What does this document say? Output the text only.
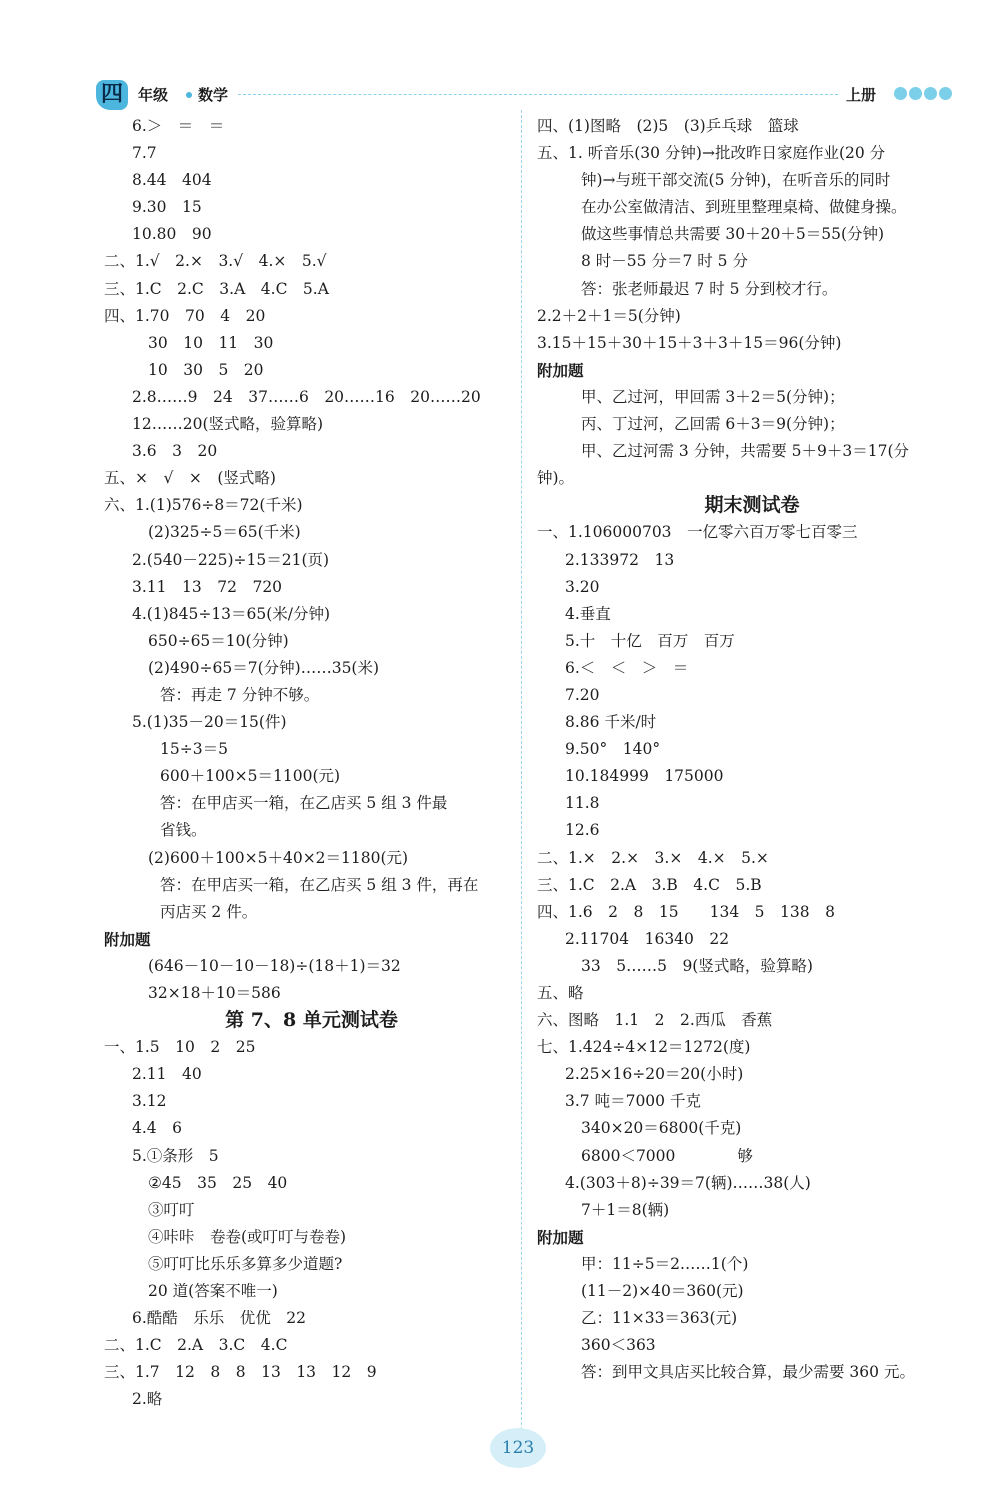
四	年级 数学	上册
6.＞　＝　＝
7.7
8.44　404
9.30　15
10.80　90
二、1.√　2.×　3.√　4.×　5.√
三、1.C　2.C　3.A　4.C　5.A
四、1.70　70　4　20
30　10　11　30
10　30　5　20
2.8……9　24　37……6　20……16　20……20
12……20(竖式略，验算略)
3.6　3　20
五、×　√　×　(竖式略)
六、1.(1)576÷8＝72(千米)
(2)325÷5＝65(千米)
2.(540－225)÷15＝21(页)
3.11　13　72　720
4.(1)845÷13＝65(米/分钟)
650÷65＝10(分钟)
(2)490÷65＝7(分钟)……35(米)
答：再走 7 分钟不够。
5.(1)35－20＝15(件)
15÷3＝5
600＋100×5＝1100(元)
答：在甲店买一箱，在乙店买 5 组 3 件最
省钱。
(2)600＋100×5＋40×2＝1180(元)
答：在甲店买一箱，在乙店买 5 组 3 件，再在
丙店买 2 件。
附加题
(646－10－10－18)÷(18＋1)＝32
32×18＋10＝586
第 7、8 单元测试卷
一、1.5　10　2　25
2.11　40
3.12
4.4　6
5.①条形　5
②45　35　25　40
③叮叮
④咔咔　卷卷(或叮叮与卷卷)
⑤叮叮比乐乐多算多少道题?
20 道(答案不唯一)
6.酷酷　乐乐　优优　22
二、1.C　2.A　3.C　4.C
三、1.7　12　8　8　13　13　12　9
2.略
四、(1)图略　(2)5　(3)乒乓球　篮球
五、1. 听音乐(30 分钟)→批改昨日家庭作业(20 分
钟)→与班干部交流(5 分钟)，在听音乐的同时
在办公室做清洁、到班里整理桌椅、做健身操。
做这些事情总共需要 30＋20＋5＝55(分钟)
8 时－55 分＝7 时 5 分
答：张老师最迟 7 时 5 分到校才行。
2.2＋2＋1＝5(分钟)
3.15＋15＋30＋15＋3＋3＋15＝96(分钟)
附加题
甲、乙过河，甲回需 3＋2＝5(分钟)；
丙、丁过河，乙回需 6＋3＝9(分钟)；
甲、乙过河需 3 分钟，共需要 5＋9＋3＝17(分
钟)。
期末测试卷
一、1.106000703　一亿零六百万零七百零三
2.133972　13
3.20
4.垂直
5.十　十亿　百万　百万
6.＜　＜　＞　＝
7.20
8.86 千米/时
9.50°　140°
10.184999　175000
11.8
12.6
二、1.×　2.×　3.×　4.×　5.×
三、1.C　2.A　3.B　4.C　5.B
四、1.6　2　8　15　　134　5　138　8
2.11704　16340　22
33　5……5　9(竖式略，验算略)
五、略
六、图略　1.1　2　2.西瓜　香蕉
七、1.424÷4×12＝1272(度)
2.25×16÷20＝20(小时)
3.7 吨＝7000 千克
340×20＝6800(千克)
6800＜7000　　　　够
4.(303＋8)÷39＝7(辆)……38(人)
7＋1＝8(辆)
附加题
甲：11÷5＝2……1(个)
(11－2)×40＝360(元)
乙：11×33＝363(元)
360＜363
答：到甲文具店买比较合算，最少需要 360 元。
123
